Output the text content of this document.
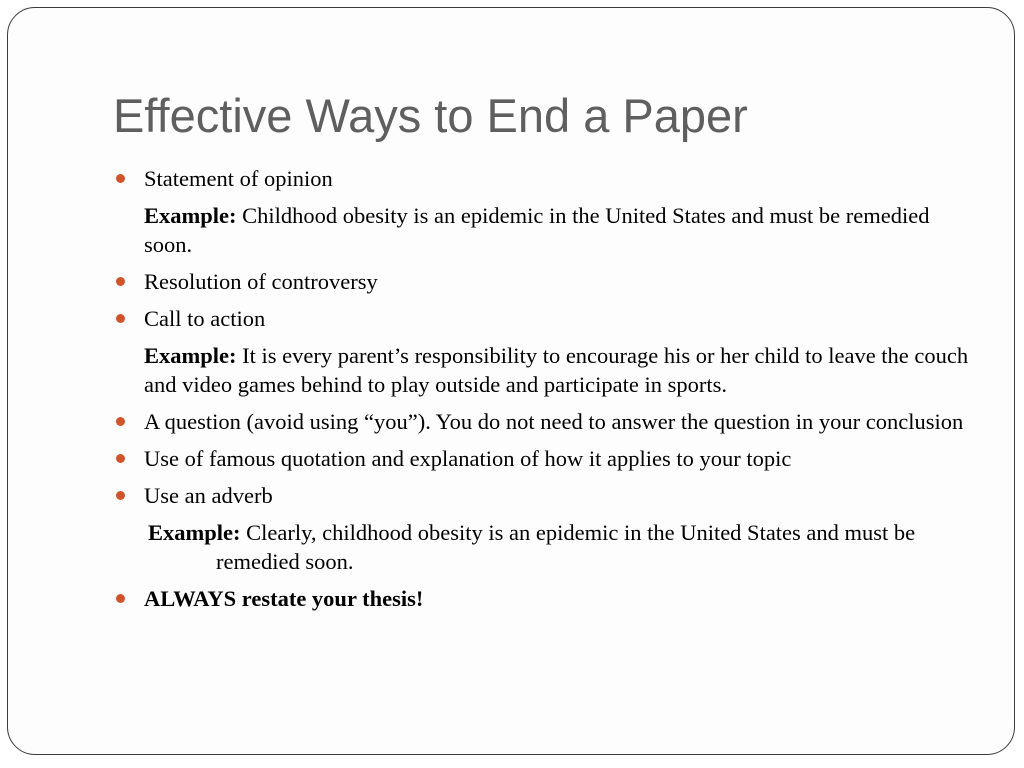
Effective Ways to End a Paper
Statement of opinion
Example: Childhood obesity is an epidemic in the United States and must be remedied soon.
Resolution of controversy
Call to action
Example: It is every parent’s responsibility to encourage his or her child to leave the couch and video games behind to play outside and participate in sports.
A question (avoid using “you”). You do not need to answer the question in your conclusion
Use of famous quotation and explanation of how it applies to your topic
Use an adverb
Example: Clearly, childhood obesity is an epidemic in the United States and must be remedied soon.
ALWAYS restate your thesis!
